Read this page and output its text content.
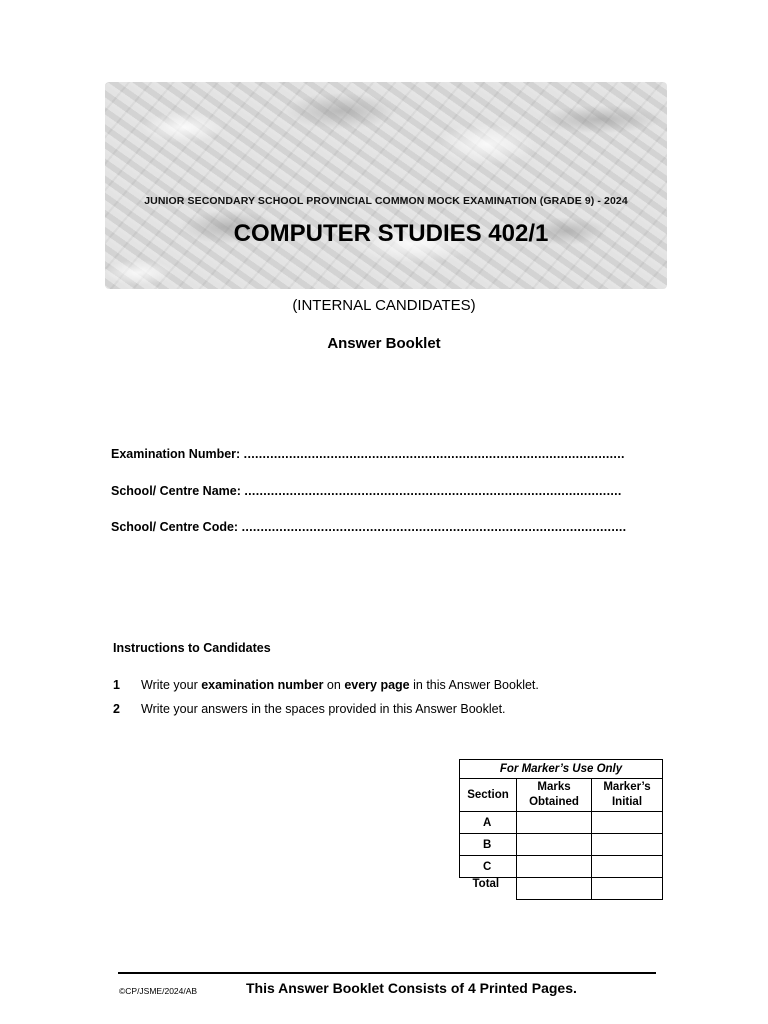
JUNIOR SECONDARY SCHOOL PROVINCIAL COMMON MOCK EXAMINATION (GRADE 9) - 2024
COMPUTER STUDIES 402/1
(INTERNAL CANDIDATES)
Answer Booklet
Examination Number: .....................................................................................................
School/ Centre Name: ....................................................................................................
School/ Centre Code: ......................................................................................................
Instructions to Candidates
1 Write your examination number on every page in this Answer Booklet.
2 Write your answers in the spaces provided in this Answer Booklet.
For Marker’s Use Only		
Section	Marks Obtained	Marker’s Initial
A		
B		
C		
Total		
©CP/JSME/2024/AB	This Answer Booklet Consists of 4 Printed Pages.
